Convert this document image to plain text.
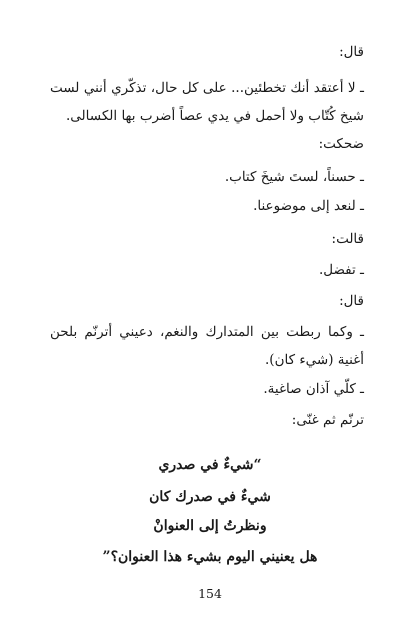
قال:
ـ لا أعتقد أنك تخطئين... على كل حال، تذكّري أنني لست شيخ كُتّاب ولا أحمل في يدي عصاً أضرب بها الكسالى.
ضحكت:
ـ حسناً، لستَ شيخَ كتاب.
ـ لنعد إلى موضوعنا.
قالت:
ـ تفضل.
قال:
ـ وكما ربطت بين المتدارك والنغم، دعيني أترنّم بلحن أغنية (شيء كان).
ـ كلّي آذان صاغية.
ترنّم ثم غنّى:
“شيءٌ في صدري
شيءٌ في صدرك كان
ونظرتُ إلى العنوانْ
هل يعنيني اليوم بشيء هذا العنوان؟”
154
